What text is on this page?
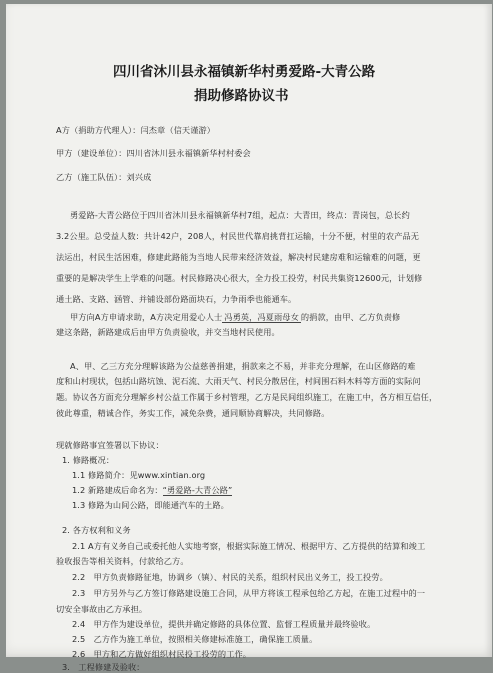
四川省沐川县永福镇新华村勇爱路-大青公路
捐助修路协议书
A方（捐助方代理人）：闫杰章（信天谨游）
甲方（建设单位）：四川省沐川县永福镇新华村村委会
乙方（施工队伍）：刘兴成
勇爱路-大青公路位于四川省沐川县永福镇新华村7组，起点：大青田，终点：青岗包，总长约
3.2公里。总受益人数：共计42户，208人，村民世代靠肩挑背扛运输，十分不便，村里的农产品无
法运出，村民生活困难，修建此路能为当地人民带来经济效益，解决村民建房难和运输难的问题，更
重要的是解决学生上学难的问题。村民修路决心很大，全力投工投劳，村民共集资12600元，计划修
通土路、支路、涵管、并铺设部份路面块石，力争雨季也能通车。
甲方向A方申请求助，A方决定用爱心人士 冯勇英，冯夏雨母女 的捐款，由甲、乙方负责修
建这条路，新路建成后由甲方负责验收，并交当地村民使用。
A、甲、乙三方充分理解该路为公益慈善捐建，捐款来之不易，并非充分理解，在山区修路的难
度和山村现状，包括山路坑蚀、泥石流、大雨天气、村民分散居住，村间围石料木料等方面的实际问
题。协议各方面充分理解乡村公益工作属于乡村管理，乙方是民间组织施工，在施工中，各方相互信任，
彼此尊重，精诚合作，务实工作，减免杂费，通同顺协商解决，共同修路。
现就修路事宜签署以下协议：
1. 修路概况：
1.1 修路简介：见www.xintian.org
1.2 新路建成后命名为：“勇爱路-大青公路”
1.3 修路为山间公路，即能通汽车的土路。
2. 各方权利和义务
2.1 A方有义务自己或委托他人实地考察，根据实际施工情况、根据甲方、乙方提供的结算和竣工
验收报告等相关资料，付款给乙方。
2.2　甲方负责修路征地，协调乡（镇）、村民的关系，组织村民出义务工，投工投劳。
2.3　甲方另外与乙方签订修路建设施工合同，从甲方将该工程承包给乙方起，在施工过程中的一
切安全事故由乙方承担。
2.4　甲方作为建设单位，提供并确定修路的具体位置、监督工程质量并最终验收。
2.5　乙方作为施工单位，按照相关修建标准施工，确保施工质量。
2.6　甲方和乙方做好组织村民投工投劳的工作。
3.　工程修建及验收：
